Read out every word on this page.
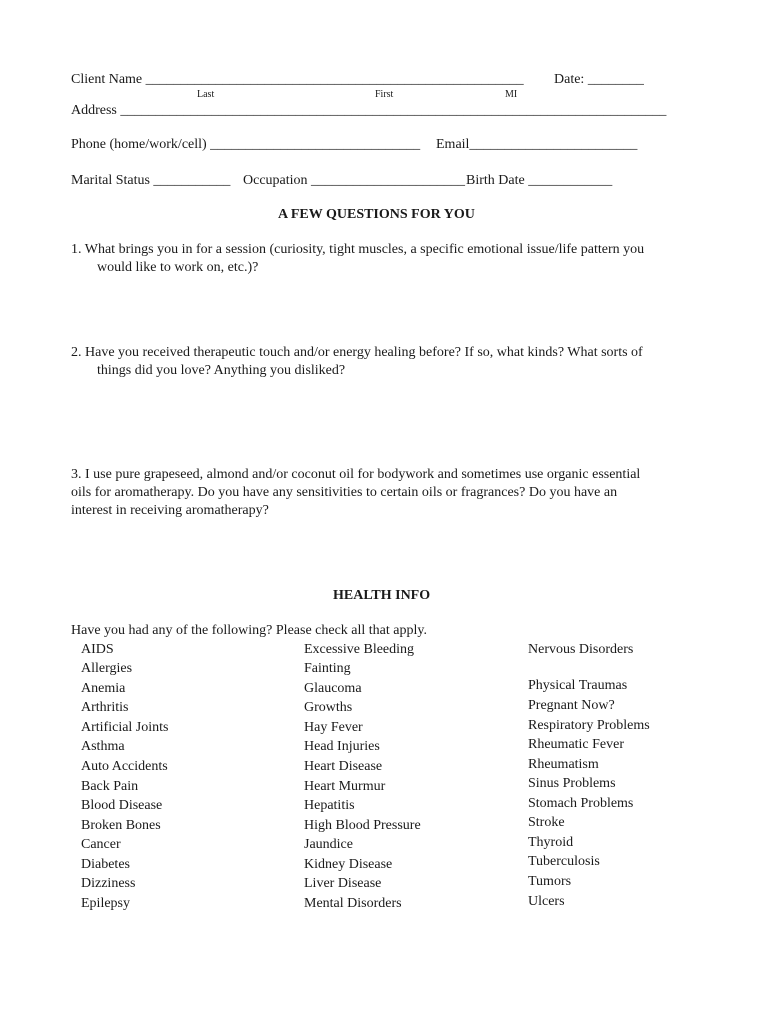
Client Name ______________________________________________________ Date: ________
Last	First	MI
Address ______________________________________________________________________________
Phone (home/work/cell) ______________________________ Email________________________
Marital Status ___________ Occupation ______________________ Birth Date ____________
A FEW QUESTIONS FOR YOU
1. What brings you in for a session (curiosity, tight muscles, a specific emotional issue/life pattern you
would like to work on, etc.)?
2. Have you received therapeutic touch and/or energy healing before? If so, what kinds? What sorts of
things did you love? Anything you disliked?
3. I use pure grapeseed, almond and/or coconut oil for bodywork and sometimes use organic essential
oils for aromatherapy. Do you have any sensitivities to certain oils or fragrances? Do you have an
interest in receiving aromatherapy?
HEALTH INFO
Have you had any of the following? Please check all that apply.
AIDS
Allergies
Anemia
Arthritis
Artificial Joints
Asthma
Auto Accidents
Back Pain
Blood Disease
Broken Bones
Cancer
Diabetes
Dizziness
Epilepsy
Excessive Bleeding
Fainting
Glaucoma
Growths
Hay Fever
Head Injuries
Heart Disease
Heart Murmur
Hepatitis
High Blood Pressure
Jaundice
Kidney Disease
Liver Disease
Mental Disorders
Nervous Disorders
Physical Traumas
Pregnant Now?
Respiratory Problems
Rheumatic Fever
Rheumatism
Sinus Problems
Stomach Problems
Stroke
Thyroid
Tuberculosis
Tumors
Ulcers
